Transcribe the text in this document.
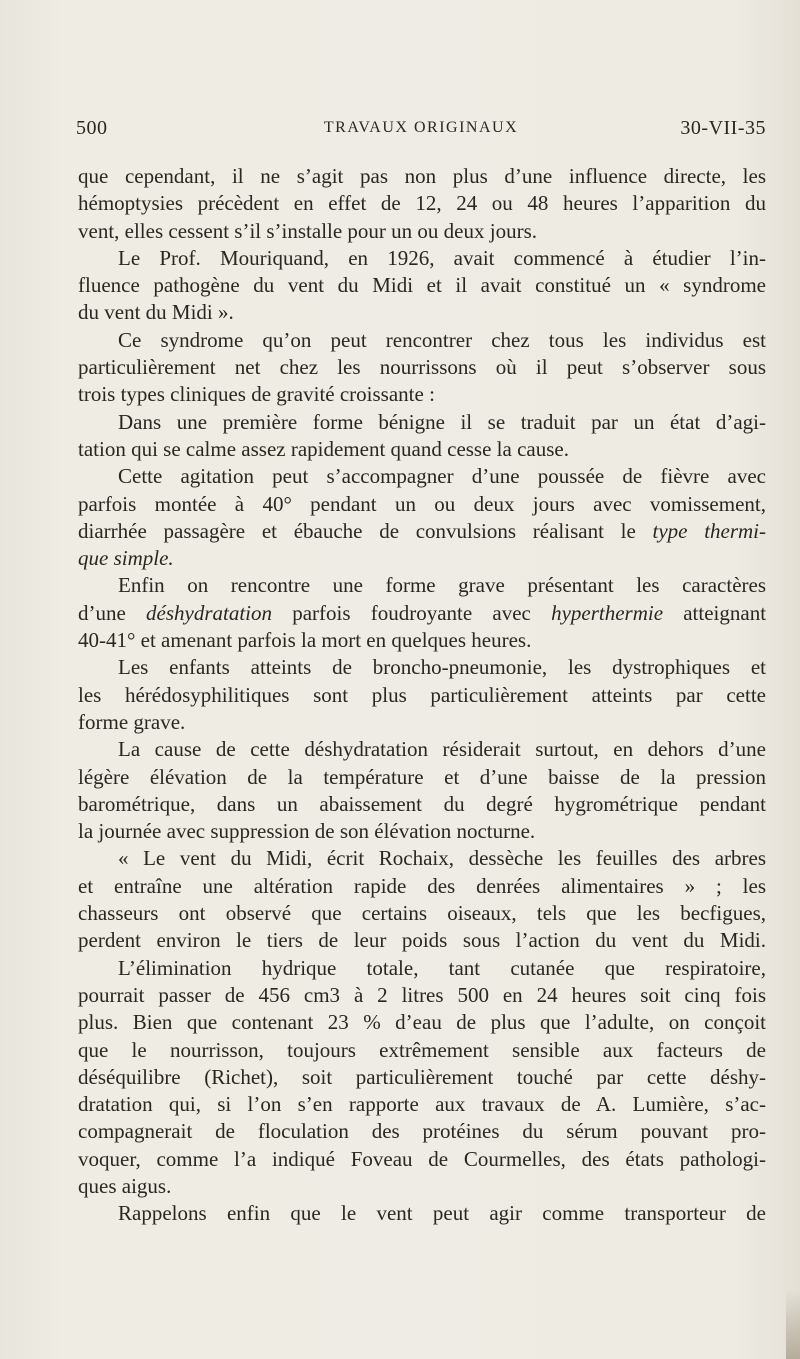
500	TRAVAUX ORIGINAUX	30-VII-35
que cependant, il ne s’agit pas non plus d’une influence directe, les
hémoptysies précèdent en effet de 12, 24 ou 48 heures l’apparition du
vent, elles cessent s’il s’installe pour un ou deux jours.
Le Prof. Mouriquand, en 1926, avait commencé à étudier l’in-
fluence pathogène du vent du Midi et il avait constitué un « syndrome
du vent du Midi ».
Ce syndrome qu’on peut rencontrer chez tous les individus est
particulièrement net chez les nourrissons où il peut s’observer sous
trois types cliniques de gravité croissante :
Dans une première forme bénigne il se traduit par un état d’agi-
tation qui se calme assez rapidement quand cesse la cause.
Cette agitation peut s’accompagner d’une poussée de fièvre avec
parfois montée à 40° pendant un ou deux jours avec vomissement,
diarrhée passagère et ébauche de convulsions réalisant le type thermi-
que simple.
Enfin on rencontre une forme grave présentant les caractères
d’une déshydratation parfois foudroyante avec hyperthermie atteignant
40-41° et amenant parfois la mort en quelques heures.
Les enfants atteints de broncho-pneumonie, les dystrophiques et
les hérédosyphilitiques sont plus particulièrement atteints par cette
forme grave.
La cause de cette déshydratation résiderait surtout, en dehors d’une
légère élévation de la température et d’une baisse de la pression
barométrique, dans un abaissement du degré hygrométrique pendant
la journée avec suppression de son élévation nocturne.
« Le vent du Midi, écrit Rochaix, dessèche les feuilles des arbres
et entraîne une altération rapide des denrées alimentaires » ; les
chasseurs ont observé que certains oiseaux, tels que les becfigues,
perdent environ le tiers de leur poids sous l’action du vent du Midi.
L’élimination hydrique totale, tant cutanée que respiratoire,
pourrait passer de 456 cm3 à 2 litres 500 en 24 heures soit cinq fois
plus. Bien que contenant 23 % d’eau de plus que l’adulte, on conçoit
que le nourrisson, toujours extrêmement sensible aux facteurs de
déséquilibre (Richet), soit particulièrement touché par cette déshy-
dratation qui, si l’on s’en rapporte aux travaux de A. Lumière, s’ac-
compagnerait de floculation des protéines du sérum pouvant pro-
voquer, comme l’a indiqué Foveau de Courmelles, des états pathologi-
ques aigus.
Rappelons enfin que le vent peut agir comme transporteur de
